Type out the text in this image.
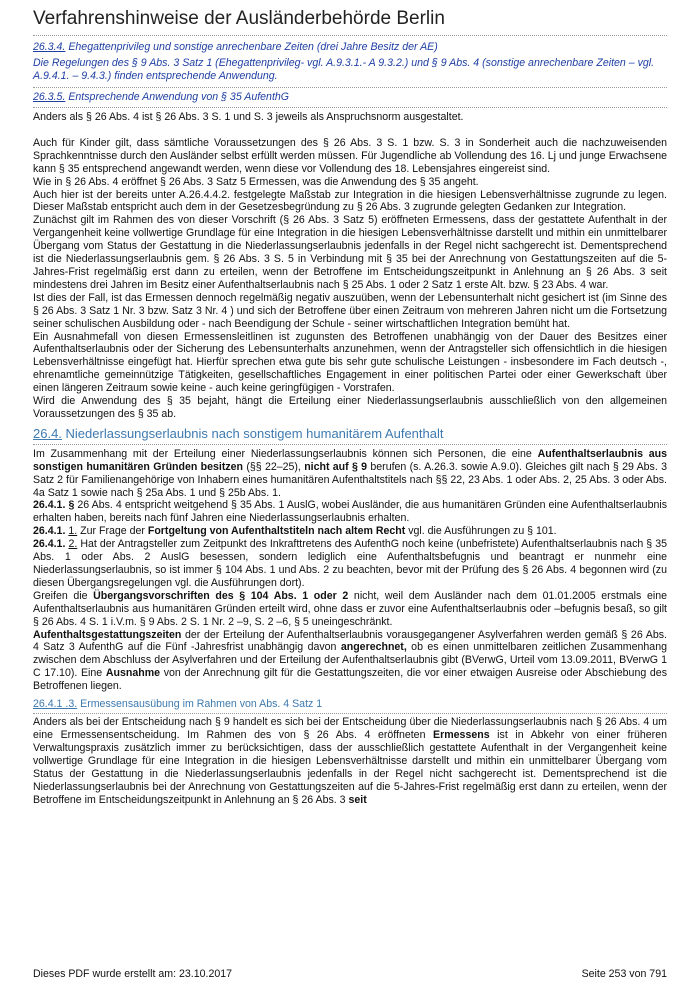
Verfahrenshinweise der Ausländerbehörde Berlin
26.3.4. Ehegattenprivileg und sonstige anrechenbare Zeiten (drei Jahre Besitz der AE)
Die Regelungen des § 9 Abs. 3 Satz 1 (Ehegattenprivileg- vgl. A.9.3.1.- A 9.3.2.) und § 9 Abs. 4 (sonstige anrechenbare Zeiten – vgl. A.9.4.1. – 9.4.3.) finden entsprechende Anwendung.
26.3.5. Entsprechende Anwendung von § 35 AufenthG

Anders als § 26 Abs. 4 ist § 26 Abs. 3 S. 1 und S. 3 jeweils als Anspruchsnorm ausgestaltet.

Auch für Kinder gilt, dass sämtliche Voraussetzungen des § 26 Abs. 3 S. 1 bzw. S. 3 in Sonderheit auch die nachzuweisenden Sprachkenntnisse durch den Ausländer selbst erfüllt werden müssen. Für Jugendliche ab Vollendung des 16. Lj und junge Erwachsene kann § 35 entsprechend angewandt werden, wenn diese vor Vollendung des 18. Lebensjahres eingereist sind.

Wie in § 26 Abs. 4 eröffnet § 26 Abs. 3 Satz 5 Ermessen, was die Anwendung des § 35 angeht.

Auch hier ist der bereits unter A.26.4.4.2. festgelegte Maßstab zur Integration in die hiesigen Lebensverhältnisse zugrunde zu legen. Dieser Maßstab entspricht auch dem in der Gesetzesbegründung zu § 26 Abs. 3 zugrunde gelegten Gedanken zur Integration.

Zunächst gilt im Rahmen des von dieser Vorschrift (§ 26 Abs. 3 Satz 5) eröffneten Ermessens, dass der gestattete Aufenthalt in der Vergangenheit keine vollwertige Grundlage für eine Integration in die hiesigen Lebensverhältnisse darstellt und mithin ein unmittelbarer Übergang vom Status der Gestattung in die Niederlassungserlaubnis jedenfalls in der Regel nicht sachgerecht ist. Dementsprechend ist die Niederlassungserlaubnis gem. § 26 Abs. 3 S. 5 in Verbindung mit § 35 bei der Anrechnung von Gestattungszeiten auf die 5-Jahres-Frist regelmäßig erst dann zu erteilen, wenn der Betroffene im Entscheidungszeitpunkt in Anlehnung an § 26 Abs. 3 seit mindestens drei Jahren im Besitz einer Aufenthaltserlaubnis nach § 25 Abs. 1 oder 2 Satz 1 erste Alt. bzw. § 23 Abs. 4 war.

Ist dies der Fall, ist das Ermessen dennoch regelmäßig negativ auszuüben, wenn der Lebensunterhalt nicht gesichert ist (im Sinne des § 26 Abs. 3 Satz 1 Nr. 3 bzw. Satz 3 Nr. 4 ) und sich der Betroffene über einen Zeitraum von mehreren Jahren nicht um die Fortsetzung seiner schulischen Ausbildung oder - nach Beendigung der Schule - seiner wirtschaftlichen Integration bemüht hat.

Ein Ausnahmefall von diesen Ermessensleitlinen ist zugunsten des Betroffenen unabhängig von der Dauer des Besitzes einer Aufenthaltserlaubnis oder der Sicherung des Lebensunterhalts anzunehmen, wenn der Antragsteller sich offensichtlich in die hiesigen Lebensverhältnisse eingefügt hat. Hierfür sprechen etwa gute bis sehr gute schulische Leistungen - insbesondere im Fach deutsch -, ehrenamtliche gemeinnützige Tätigkeiten, gesellschaftliches Engagement in einer politischen Partei oder einer Gewerkschaft über einen längeren Zeitraum sowie keine - auch keine geringfügigen - Vorstrafen.

Wird die Anwendung des § 35 bejaht, hängt die Erteilung einer Niederlassungserlaubnis ausschließlich von den allgemeinen Voraussetzungen des § 35 ab.

26.4. Niederlassungserlaubnis nach sonstigem humanitärem Aufenthalt

Im Zusammenhang mit der Erteilung einer Niederlassungserlaubnis können sich Personen, die eine Aufenthaltserlaubnis aus sonstigen humanitären Gründen besitzen (§§ 22–25), nicht auf § 9 berufen (s. A.26.3. sowie A.9.0). Gleiches gilt nach § 29 Abs. 3 Satz 2 für Familienangehörige von Inhabern eines humanitären Aufenthaltstitels nach §§ 22, 23 Abs. 1 oder Abs. 2, 25 Abs. 3 oder Abs. 4a Satz 1 sowie nach § 25a Abs. 1 und § 25b Abs. 1.

26.4.1. § 26 Abs. 4 entspricht weitgehend § 35 Abs. 1 AuslG, wobei Ausländer, die aus humanitären Gründen eine Aufenthaltserlaubnis erhalten haben, bereits nach fünf Jahren eine Niederlassungserlaubnis erhalten.

26.4.1. 1. Zur Frage der Fortgeltung von Aufenthaltstiteln nach altem Recht vgl. die Ausführungen zu § 101.

26.4.1. 2. Hat der Antragsteller zum Zeitpunkt des Inkrafttretens des AufenthG noch keine (unbefristete) Aufenthaltserlaubnis nach § 35 Abs. 1 oder Abs. 2 AuslG besessen, sondern lediglich eine Aufenthaltsbefugnis und beantragt er nunmehr eine Niederlassungserlaubnis, so ist immer § 104 Abs. 1 und Abs. 2 zu beachten, bevor mit der Prüfung des § 26 Abs. 4 begonnen wird (zu diesen Übergangsregelungen vgl. die Ausführungen dort).

Greifen die Übergangsvorschriften des § 104 Abs. 1 oder 2 nicht, weil dem Ausländer nach dem 01.01.2005 erstmals eine Aufenthaltserlaubnis aus humanitären Gründen erteilt wird, ohne dass er zuvor eine Aufenthaltserlaubnis oder –befugnis besaß, so gilt § 26 Abs. 4 S. 1 i.V.m. § 9 Abs. 2 S. 1 Nr. 2 –9, S. 2 –6, § 5 uneingeschränkt.

Aufenthaltsgestattungszeiten der der Erteilung der Aufenthaltserlaubnis vorausgegangener Asylverfahren werden gemäß § 26 Abs. 4 Satz 3 AufenthG auf die Fünf -Jahresfrist unabhängig davon angerechnet, ob es einen unmittelbaren zeitlichen Zusammenhang zwischen dem Abschluss der Asylverfahren und der Erteilung der Aufenthaltserlaubnis gibt (BVerwG, Urteil vom 13.09.2011, BVerwG 1 C 17.10). Eine Ausnahme von der Anrechnung gilt für die Gestattungszeiten, die vor einer etwaigen Ausreise oder Abschiebung des Betroffenen liegen.

26.4.1 .3. Ermessensausübung im Rahmen von Abs. 4 Satz 1

Anders als bei der Entscheidung nach § 9 handelt es sich bei der Entscheidung über die Niederlassungserlaubnis nach § 26 Abs. 4 um eine Ermessensentscheidung. Im Rahmen des von § 26 Abs. 4 eröffneten Ermessens ist in Abkehr von einer früheren Verwaltungspraxis zusätzlich immer zu berücksichtigen, dass der ausschließlich gestattete Aufenthalt in der Vergangenheit keine vollwertige Grundlage für eine Integration in die hiesigen Lebensverhältnisse darstellt und mithin ein unmittelbarer Übergang vom Status der Gestattung in die Niederlassungserlaubnis jedenfalls in der Regel nicht sachgerecht ist. Dementsprechend ist die Niederlassungserlaubnis bei der Anrechnung von Gestattungszeiten auf die 5-Jahres-Frist regelmäßig erst dann zu erteilen, wenn der Betroffene im Entscheidungszeitpunkt in Anlehnung an § 26 Abs. 3 seit

Dieses PDF wurde erstellt am: 23.10.2017	Seite 253 von 791
